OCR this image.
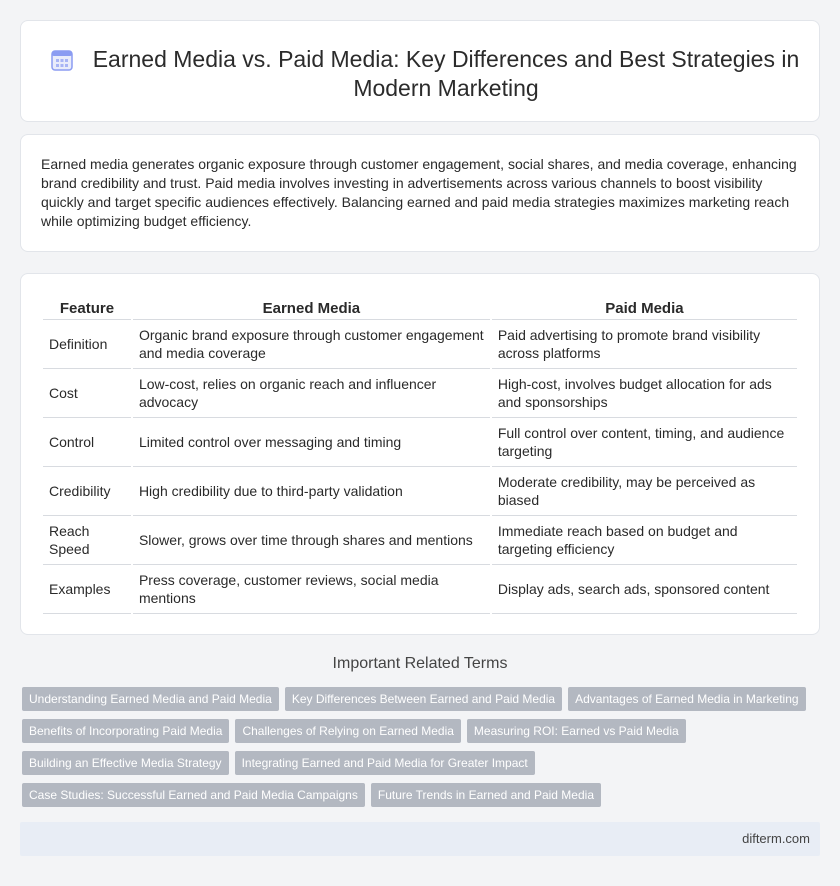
Earned Media vs. Paid Media: Key Differences and Best Strategies in Modern Marketing

Earned media generates organic exposure through customer engagement, social shares, and media coverage, enhancing brand credibility and trust. Paid media involves investing in advertisements across various channels to boost visibility quickly and target specific audiences effectively. Balancing earned and paid media strategies maximizes marketing reach while optimizing budget efficiency.

Feature	Earned Media	Paid Media
Definition	Organic brand exposure through customer engagement and media coverage	Paid advertising to promote brand visibility across platforms
Cost	Low-cost, relies on organic reach and influencer advocacy	High-cost, involves budget allocation for ads and sponsorships
Control	Limited control over messaging and timing	Full control over content, timing, and audience targeting
Credibility	High credibility due to third-party validation	Moderate credibility, may be perceived as biased
Reach Speed	Slower, grows over time through shares and mentions	Immediate reach based on budget and targeting efficiency
Examples	Press coverage, customer reviews, social media mentions	Display ads, search ads, sponsored content
Important Related Terms
Understanding Earned Media and Paid Media	Key Differences Between Earned and Paid Media	Advantages of Earned Media in Marketing
Benefits of Incorporating Paid Media	Challenges of Relying on Earned Media	Measuring ROI: Earned vs Paid Media
Building an Effective Media Strategy	Integrating Earned and Paid Media for Greater Impact
Case Studies: Successful Earned and Paid Media Campaigns	Future Trends in Earned and Paid Media
difterm.com
